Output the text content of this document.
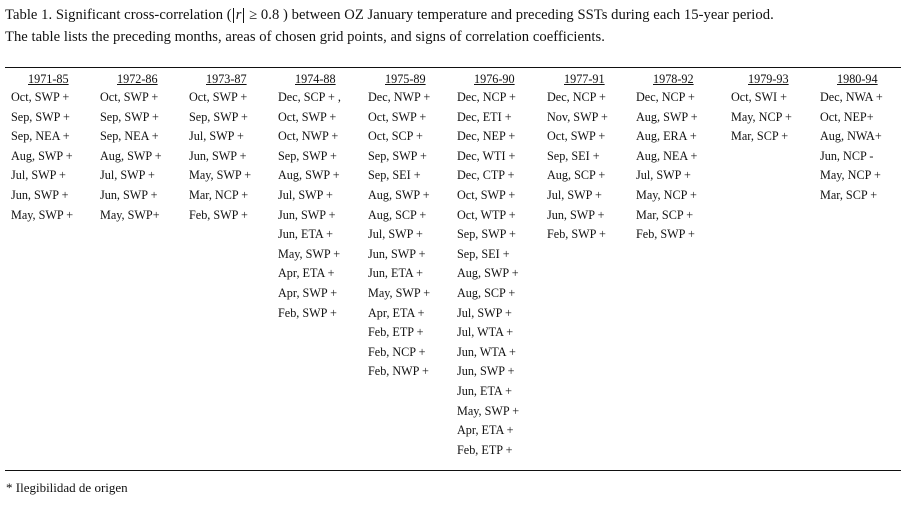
Table 1. Significant cross-correlation ( r ≥ 0.8 ) between OZ January temperature and preceding SSTs during each 15-year period.
The table lists the preceding months, areas of chosen grid points, and signs of correlation coefficients.
1971-85
Oct, SWP +
Sep, SWP +
Sep, NEA +
Aug, SWP +
Jul, SWP +
Jun, SWP +
May, SWP +
1972-86
Oct, SWP +
Sep, SWP +
Sep, NEA +
Aug, SWP +
Jul, SWP +
Jun, SWP +
May, SWP+
1973-87
Oct, SWP +
Sep, SWP +
Jul, SWP +
Jun, SWP +
May, SWP +
Mar, NCP +
Feb, SWP +
1974-88
Dec, SCP + ,
Oct, SWP +
Oct, NWP +
Sep, SWP +
Aug, SWP +
Jul, SWP +
Jun, SWP +
Jun, ETA +
May, SWP +
Apr, ETA +
Apr, SWP +
Feb, SWP +
1975-89
Dec, NWP +
Oct, SWP +
Oct, SCP +
Sep, SWP +
Sep, SEI +
Aug, SWP +
Aug, SCP +
Jul, SWP +
Jun, SWP +
Jun, ETA +
May, SWP +
Apr, ETA +
Feb, ETP +
Feb, NCP +
Feb, NWP +
1976-90
Dec, NCP +
Dec, ETI +
Dec, NEP +
Dec, WTI +
Dec, CTP +
Oct, SWP +
Oct, WTP +
Sep, SWP +
Sep, SEI +
Aug, SWP +
Aug, SCP +
Jul, SWP +
Jul, WTA +
Jun, WTA +
Jun, SWP +
Jun, ETA +
May, SWP +
Apr, ETA +
Feb, ETP +
1977-91
Dec, NCP +
Nov, SWP +
Oct, SWP +
Sep, SEI +
Aug, SCP +
Jul, SWP +
Jun, SWP +
Feb, SWP +
1978-92
Dec, NCP +
Aug, SWP +
Aug, ERA +
Aug, NEA +
Jul, SWP +
May, NCP +
Mar, SCP +
Feb, SWP +
1979-93
Oct, SWI +
May, NCP +
Mar, SCP +
1980-94
Dec, NWA +
Oct, NEP+
Aug, NWA+
Jun, NCP -
May, NCP +
Mar, SCP +
* Ilegibilidad de origen
